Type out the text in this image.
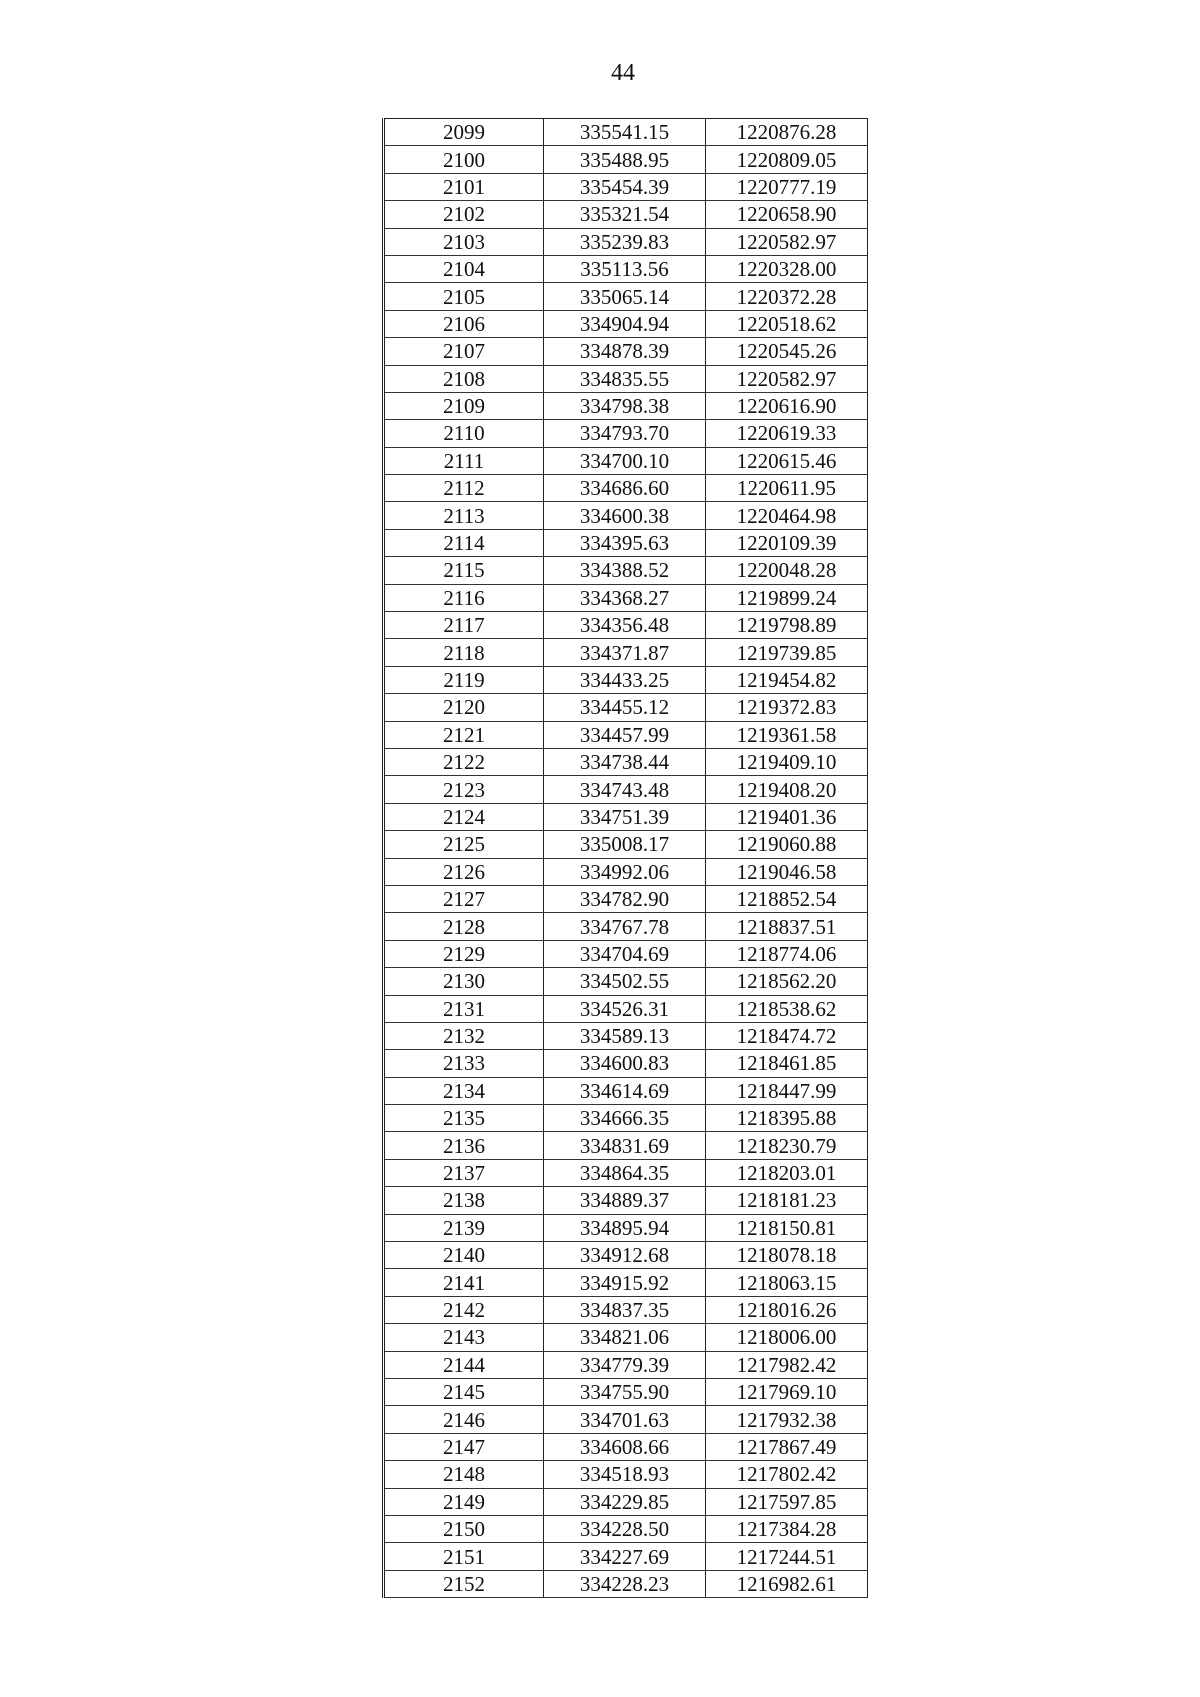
44
2099	335541.15	1220876.28
2100	335488.95	1220809.05
2101	335454.39	1220777.19
2102	335321.54	1220658.90
2103	335239.83	1220582.97
2104	335113.56	1220328.00
2105	335065.14	1220372.28
2106	334904.94	1220518.62
2107	334878.39	1220545.26
2108	334835.55	1220582.97
2109	334798.38	1220616.90
2110	334793.70	1220619.33
2111	334700.10	1220615.46
2112	334686.60	1220611.95
2113	334600.38	1220464.98
2114	334395.63	1220109.39
2115	334388.52	1220048.28
2116	334368.27	1219899.24
2117	334356.48	1219798.89
2118	334371.87	1219739.85
2119	334433.25	1219454.82
2120	334455.12	1219372.83
2121	334457.99	1219361.58
2122	334738.44	1219409.10
2123	334743.48	1219408.20
2124	334751.39	1219401.36
2125	335008.17	1219060.88
2126	334992.06	1219046.58
2127	334782.90	1218852.54
2128	334767.78	1218837.51
2129	334704.69	1218774.06
2130	334502.55	1218562.20
2131	334526.31	1218538.62
2132	334589.13	1218474.72
2133	334600.83	1218461.85
2134	334614.69	1218447.99
2135	334666.35	1218395.88
2136	334831.69	1218230.79
2137	334864.35	1218203.01
2138	334889.37	1218181.23
2139	334895.94	1218150.81
2140	334912.68	1218078.18
2141	334915.92	1218063.15
2142	334837.35	1218016.26
2143	334821.06	1218006.00
2144	334779.39	1217982.42
2145	334755.90	1217969.10
2146	334701.63	1217932.38
2147	334608.66	1217867.49
2148	334518.93	1217802.42
2149	334229.85	1217597.85
2150	334228.50	1217384.28
2151	334227.69	1217244.51
2152	334228.23	1216982.61
